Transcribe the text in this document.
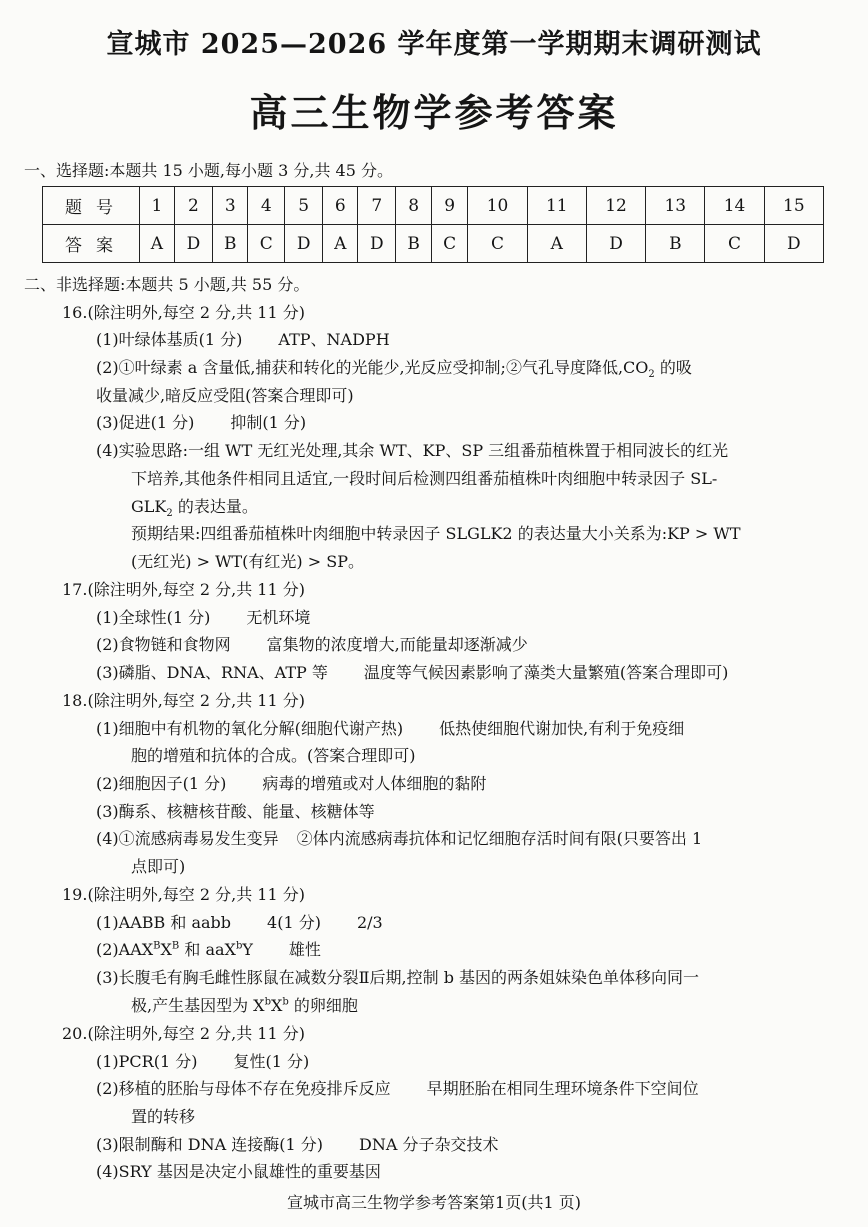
宣城市 2025—2026 学年度第一学期期末调研测试
高三生物学参考答案
一、选择题:本题共 15 小题,每小题 3 分,共 45 分。
题号	1	2	3	4	5	6	7	8	9	10	11	12	13	14	15
答案	A	D	B	C	D	A	D	B	C	C	A	D	B	C	D
二、非选择题:本题共 5 小题,共 55 分。
16.(除注明外,每空 2 分,共 11 分)
(1)叶绿体基质(1 分) ATP、NADPH
(2)①叶绿素 a 含量低,捕获和转化的光能少,光反应受抑制;②气孔导度降低$,CO_2$ 的吸
收量减少,暗反应受阻(答案合理即可)
(3)促进(1 分) 抑制(1 分)
(4)实验思路:一组 WT 无红光处理,其余 WT、KP、SP 三组番茄植株置于相同波长的红光
下培养,其他条件相同且适宜,一段时间后检测四组番茄植株叶肉细胞中转录因子 SL-
$GLK_2$ 的表达量。
预期结果:四组番茄植株叶肉细胞中转录因子 SLGLK2 的表达量大小关系为:KP > WT
(无红光) > WT(有红光) > SP。
17.(除注明外,每空 2 分,共 11 分)
(1)全球性(1 分) 无机环境
(2)食物链和食物网 富集物的浓度增大,而能量却逐渐减少
(3)磷脂、DNA、RNA、ATP 等 温度等气候因素影响了藻类大量繁殖(答案合理即可)
18.(除注明外,每空 2 分,共 11 分)
(1)细胞中有机物的氧化分解(细胞代谢产热) 低热使细胞代谢加快,有利于免疫细
胞的增殖和抗体的合成。(答案合理即可)
(2)细胞因子(1 分) 病毒的增殖或对人体细胞的黏附
(3)酶系、核糖核苷酸、能量、核糖体等
(4)①流感病毒易发生变异 ②体内流感病毒抗体和记忆细胞存活时间有限(只要答出 1
点即可)
19.(除注明外,每空 2 分,共 11 分)
(1)AABB 和 aabb 4(1 分) 2/3
$(2)AAX^BX^B$ 和 aaX$^b$Y 雄性
(3)长腹毛有胸毛雌性豚鼠在减数分裂Ⅱ后期,控制 b 基因的两条姐妹染色单体移向同一
极,产生基因型为 $X^bX^b$ 的卵细胞
20.(除注明外,每空 2 分,共 11 分)
(1)PCR(1 分) 复性(1 分)
(2)移植的胚胎与母体不存在免疫排斥反应 早期胚胎在相同生理环境条件下空间位
置的转移
(3)限制酶和 DNA 连接酶(1 分) DNA 分子杂交技术
(4)SRY 基因是决定小鼠雄性的重要基因
宣城市高三生物学参考答案第1页(共1 页)
